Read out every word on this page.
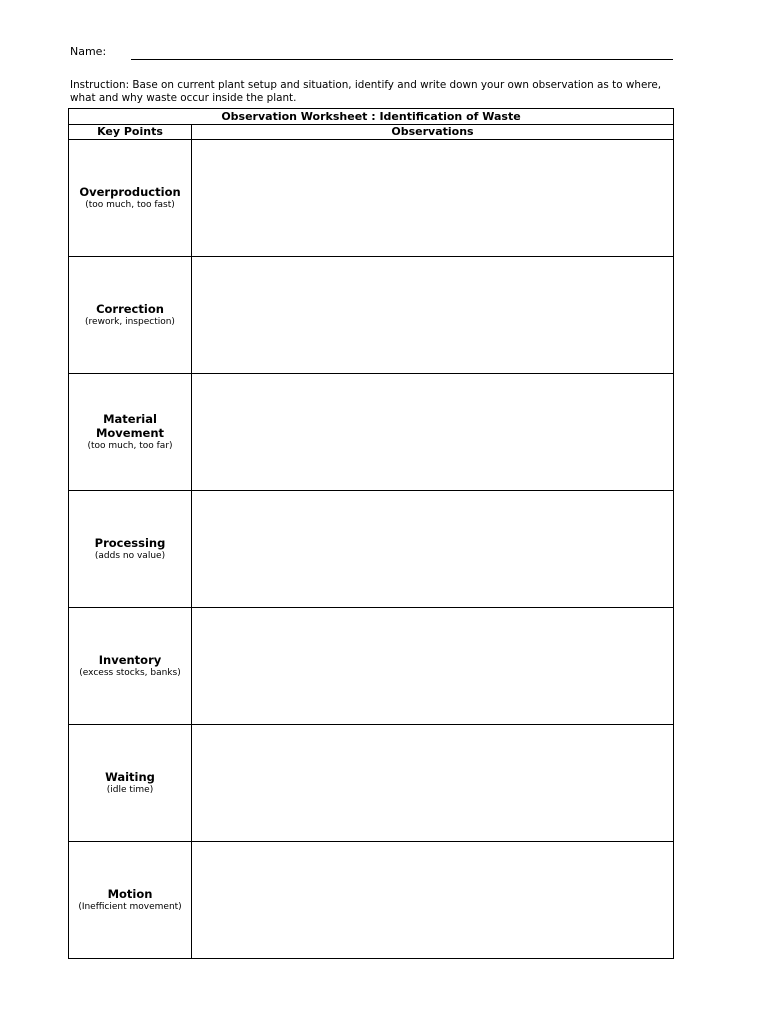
Name:
Instruction: Base on current plant setup and situation, identify and write down your own observation as to where, what and why waste occur inside the plant.
Observation Worksheet : Identification of Waste	
Key Points	Observations

Overproduction
(too much, too fast)	

Correction
(rework, inspection)	

Material Movement
(too much, too far)	

Processing
(adds no value)	

Inventory
(excess stocks, banks)	

Waiting
(idle time)	

Motion
(Inefficient movement)	
